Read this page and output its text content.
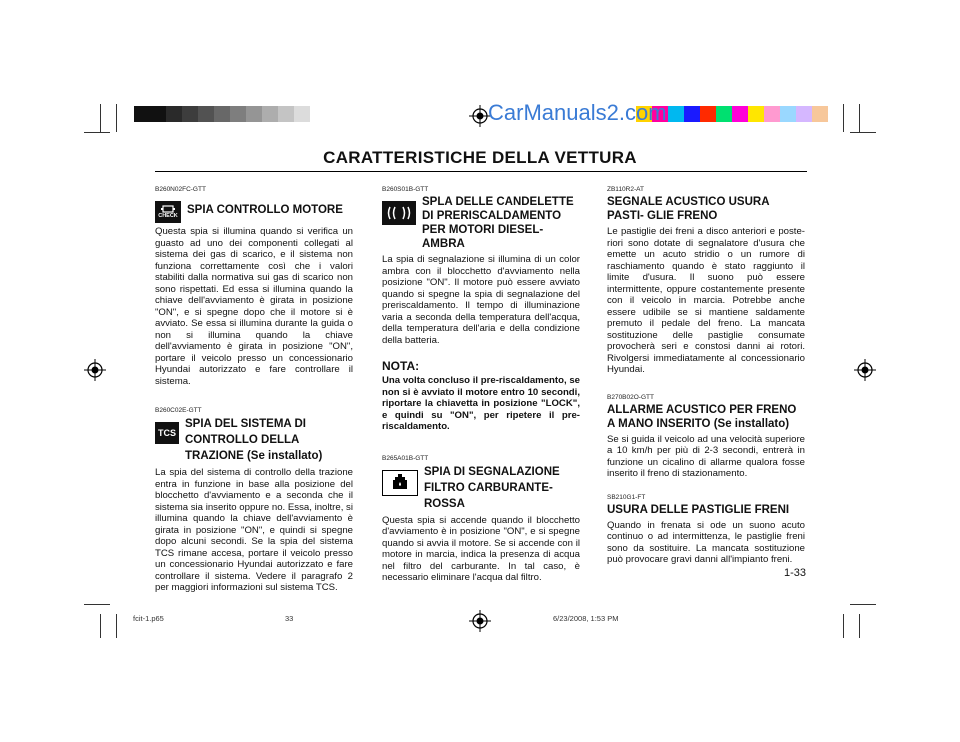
CarManuals2.com
CARATTERISTICHE DELLA VETTURA
B260N02FC-GTT
CHECK SPIA CONTROLLO MOTORE
Questa spia si illumina quando si verifica un guasto ad uno dei componenti collegati al sistema dei gas di scarico, e il sistema non funziona correttamente così che i valori stabiliti dalla normativa sui gas di scarico non sono rispettati. Ed essa si illumina quando la chiave dell'avviamento è girata in posizione "ON", e si spegne dopo che il motore si è avviato. Se essa si illumina durante la guida o non si illumina quando la chiave dell'avviamento è girata in posizione "ON", portare il veicolo presso un concessionario Hyundai autorizzato e fare controllare il sistema.
B260C02E-GTT
TCS
SPIA DEL SISTEMA DI CONTROLLO DELLA TRAZIONE (Se installato)
La spia del sistema di controllo della trazione entra in funzione in base alla posizione del blocchetto d'avviamento e a seconda che il sistema sia inserito oppure no. Essa, inoltre, si illumina quando la chiave dell'avviamento è girata in posizione "ON", e quindi si spegne dopo alcuni secondi. Se la spia del sistema TCS rimane accesa, portare il veicolo presso un concessionario Hyundai autorizzato e fare controllare il sistema. Vedere il paragrafo 2 per maggiori informazioni sul sistema TCS.
B260S01B-GTT
SPLA DELLE CANDELETTE DI PRERISCALDAMENTO PER MOTORI DIESEL-AMBRA
La spia di segnalazione si illumina di un color ambra con il blocchetto d'avviamento nella posizione "ON". Il motore può essere avviato quando si spegne la spia di segnalazione del preriscaldamento. Il tempo di illuminazione varia a seconda della temperatura dell'acqua, della temperatura dell'aria e della condizione della batteria.
NOTA:
Una volta concluso il pre-riscaldamento, se non si è avviato il motore entro 10 secondi, riportare la chiavetta in posizione "LOCK", e quindi su "ON", per ripetere il pre-riscaldamento.
B265A01B-GTT
SPIA DI SEGNALAZIONE FILTRO CARBURANTE- ROSSA
Questa spia si accende quando il blocchetto d'avviamento è in posizione "ON", e si spegne quando si avvia il motore. Se si accende con il motore in marcia, indica la presenza di acqua nel filtro del carburante. In tal caso, è necessario eliminare l'acqua dal filtro.
ZB110R2-AT
SEGNALE ACUSTICO USURA PASTI- GLIE FRENO
Le pastiglie dei freni a disco anteriori e poste- riori sono dotate di segnalatore d'usura che emette un acuto stridio o un rumore di raschiamento quando è stato raggiunto il limite d'usura. Il suono può essere intermittente, oppure costantemente presente con il veicolo in marcia. Potrebbe anche essere udibile se si mantiene saldamente premuto il pedale del freno. La mancata sostituzione delle pastiglie consumate provocherà seri e constosi danni ai rotori. Rivolgersi immediatamente al concessionario Hyundai.
B270B02O-GTT
ALLARME ACUSTICO PER FRENO A MANO INSERITO (Se installato)
Se si guida il veicolo ad una velocità superiore a 10 km/h per più di 2-3 secondi, entrerà in funzione un cicalino di allarme qualora fosse inserito il freno di stazionamento.
SB210G1-FT
USURA DELLE PASTIGLIE FRENI
Quando in frenata si ode un suono acuto continuo o ad intermittenza, le pastiglie freni sono da sostituire. La mancata sostituzione può provocare gravi danni all'impianto freni.
1-33
fcit-1.p65	33	6/23/2008, 1:53 PM
